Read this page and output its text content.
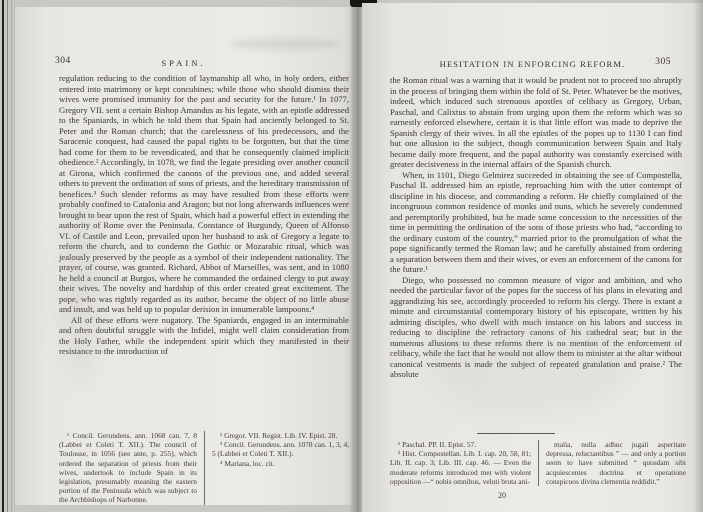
304	SPAIN.

regulation reducing to the condition of laymanship all who, in holy orders, either entered into matrimony or kept concubines; while those who should dismiss their wives were promised immunity for the past and security for the future.¹ In 1077, Gregory VII. sent a certain Bishop Amandus as his legate, with an epistle addressed to the Spaniards, in which he told them that Spain had anciently belonged to St. Peter and the Roman church; that the carelessness of his predecessors, and the Saracenic conquest, had caused the papal rights to be forgotten, but that the time had come for them to be revendicated, and that he consequently claimed implicit obedience.² Accordingly, in 1078, we find the legate presiding over another council at Girona, which confirmed the canons of the previous one, and added several others to prevent the ordination of sons of priests, and the hereditary transmission of benefices.³ Such slender reforms as may have resulted from these efforts were probably confined to Catalonia and Aragon; but not long afterwards influences were brought to bear upon the rest of Spain, which had a powerful effect in extending the authority of Rome over the Peninsula. Constance of Burgundy, Queen of Alfonso VI. of Castile and Leon, prevailed upon her husband to ask of Gregory a legate to reform the church, and to condemn the Gothic or Mozarabic ritual, which was jealously preserved by the people as a symbol of their independent nationality. The prayer, of course, was granted. Richard, Abbot of Marseilles, was sent, and in 1080 he held a council at Burgos, where he commanded the ordained clergy to put away their wives. The novelty and hardship of this order created great excitement. The pope, who was rightly regarded as its author, became the object of no little abuse and insult, and was held up to popular derision in innumerable lampoons.⁴

All of these efforts were nugatory. The Spaniards, engaged in an interminable and often doubtful struggle with the Infidel, might well claim consideration from the Holy Father, while the independent spirit which they manifested in their resistance to the introduction of

¹ Concil. Gerundens. ann. 1068 can. 7, 8 (Labbei et Coleti T. XII.). The council of Toulouse, in 1056 (see ante, p. 255), which ordered the separation of priests from their wives, undertook to include Spain in its legislation, presumably meaning the eastern portion of the Peninsula which was subject to the Archbishops of Narbonne.

² Gregor. VII. Regist. Lib. IV. Epist. 28.

³ Concil. Gerundens. ann. 1078 can. 1, 3, 4, 5 (Labbei et Coleti T. XII.).

⁴ Mariana, loc. cit.

HESITATION IN ENFORCING REFORM.	305

the Roman ritual was a warning that it would be prudent not to proceed too abruptly in the process of bringing them within the fold of St. Peter. Whatever be the motives, indeed, which induced such strenuous apostles of celibacy as Gregory, Urban, Paschal, and Calixtus to abstain from urging upon them the reform which was so earnestly enforced elsewhere, certain it is that little effort was made to deprive the Spanish clergy of their wives. In all the epistles of the popes up to 1130 I can find but one allusion to the subject, though communication between Spain and Italy became daily more frequent, and the papal authority was constantly exercised with greater decisiveness in the internal affairs of the Spanish church.

When, in 1101, Diego Gelmirez succeeded in obtaining the see of Compostella, Paschal II. addressed him an epistle, reproaching him with the utter contempt of discipline in his diocese, and commanding a reform. He chiefly complained of the incongruous common residence of monks and nuns, which he severely condemned and peremptorily prohibited, but he made some concession to the necessities of the time in permitting the ordination of the sons of those priests who had, “according to the ordinary custom of the country,” married prior to the promulgation of what the pope significantly termed the Roman law; and he carefully abstained from ordering a separation between them and their wives, or even an enforcement of the canons for the future.¹

Diego, who possessed no common measure of vigor and ambition, and who needed the particular favor of the popes for the success of his plans in elevating and aggrandizing his see, accordingly proceeded to reform his clergy. There is extant a minute and circumstantial contemporary history of his episcopate, written by his admiring disciples, who dwell with much instance on his labors and success in reducing to discipline the refractory canons of his cathedral seat; but in the numerous allusions to these reforms there is no mention of the enforcement of celibacy, while the fact that he would not allow them to minister at the altar without canonical vestments is made the subject of repeated gratulation and praise.² The absolute

¹ Paschal. PP. II. Epist. 57.

² Hist. Compostellan. Lib. I. cap. 20, 58, 81; Lib. II. cap. 3; Lib. III. cap. 46. — Even the moderate reforms introduced met with violent opposition —“ nobis omnibus, veluti bruta ani-

malia, nulla adhuc jugali asperitate depressa, reluctantibus ” — and only a portion seem to have submitted “ quosdam sibi acquiescentes doctrina et operatione conspicuos divina clementia reddidit.”

20
